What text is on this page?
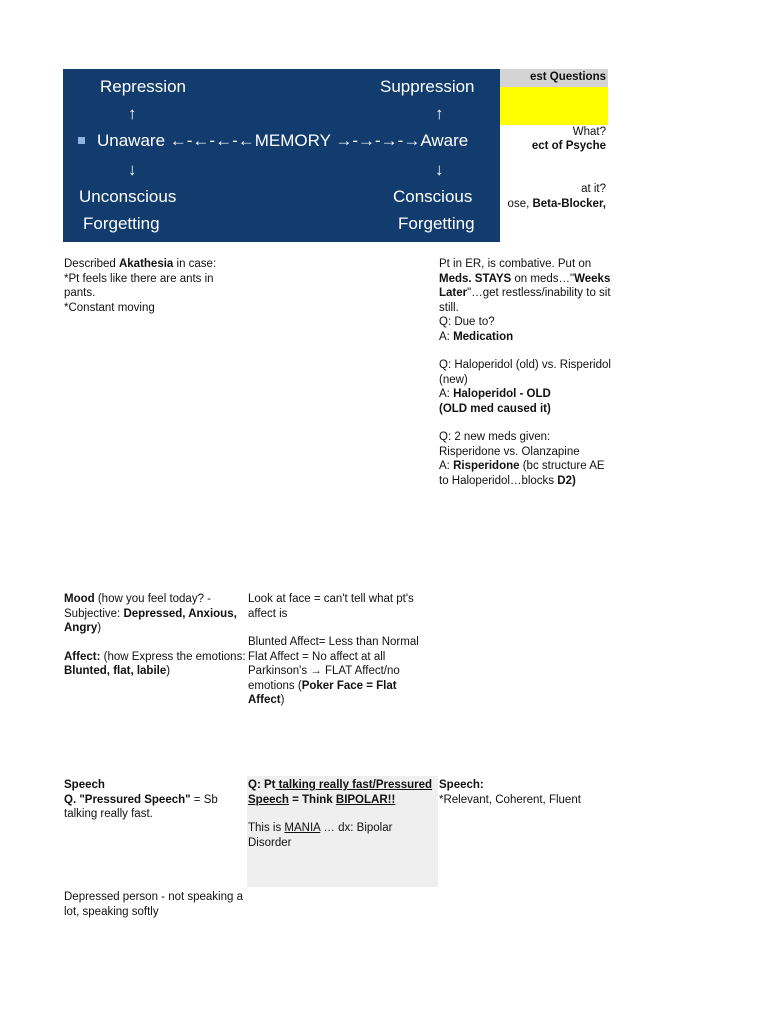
est Questions
What?
ect of Psyche
at it?
ose, Beta-Blocker,
Repression	Suppression
↑	↑
Unaware ←‑←‑←‑←MEMORY →‑→‑→‑→Aware
↓	↓
Unconscious	Conscious
Forgetting	Forgetting

Described Akathesia in case:

*Pt feels like there are ants in pants.

*Constant moving

Pt in ER, is combative. Put on Meds. STAYS on meds…"Weeks Later"…get restless/inability to sit still.

Q: Due to?

A: Medication

Q: Haloperidol (old) vs. Risperidol (new)

A: Haloperidol - OLD

(OLD med caused it)

Q: 2 new meds given: Risperidone vs. Olanzapine

A: Risperidone (bc structure AE to Haloperidol…blocks D2)

Mood (how you feel today? - Subjective: Depressed, Anxious, Angry)

Affect: (how Express the emotions: Blunted, flat, labile)

Look at face = can't tell what pt's affect is

Blunted Affect= Less than Normal

Flat Affect = No affect at all

Parkinson's → FLAT Affect/no emotions (Poker Face = Flat Affect)

Speech

Q. "Pressured Speech" = Sb talking really fast.

Q: Pt talking really fast/Pressured Speech = Think BIPOLAR!!

This is MANIA … dx: Bipolar Disorder

Speech:

*Relevant, Coherent, Fluent

Depressed person - not speaking a lot, speaking softly
